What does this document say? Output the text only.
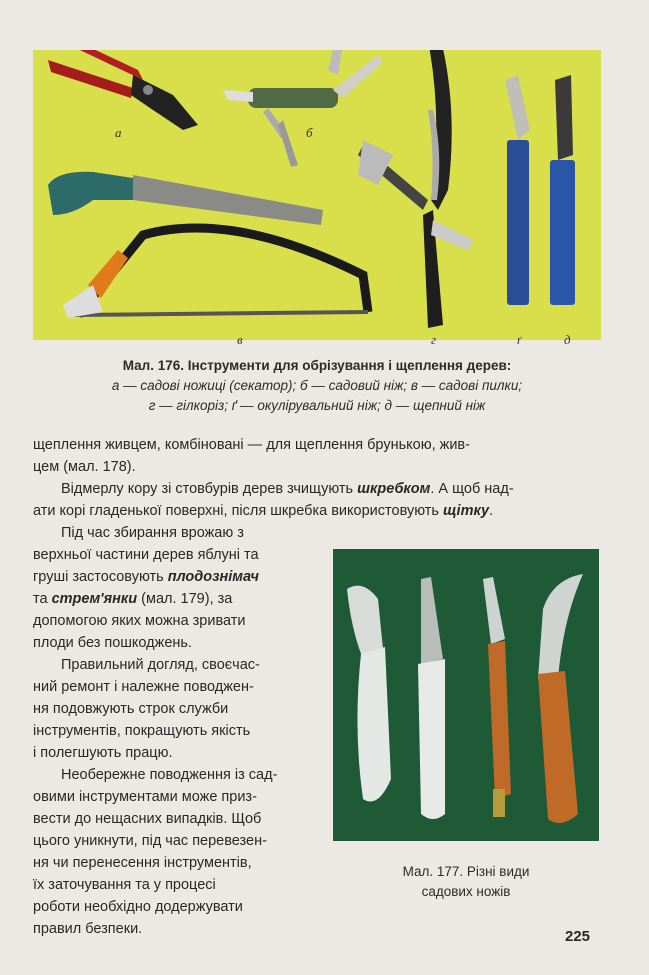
а	б
в	г	ґ	д
Мал. 176. Інструменти для обрізування і щеплення дерев:
а — садові ножиці (секатор); б — садовий ніж; в — садові пилки;
г — гілкоріз; ґ — окулірувальний ніж; д — щепний ніж
щеплення живцем, комбіновані — для щеплення брунькою, жив-
цем (мал. 178).
Відмерлу кору зі стовбурів дерев зчищують шкребком. А щоб над-
ати корі гладенької поверхні, після шкребка використовують щітку.
Під час збирання врожаю з
верхньої частини дерев яблуні та
груші застосовують плодознімач
та стрем'янки (мал. 179), за
допомогою яких можна зривати
плоди без пошкоджень.
Правильний догляд, своєчас-
ний ремонт і належне поводжен-
ня подовжують строк служби
інструментів, покращують якість
і полегшують працю.
Необережне поводження із сад-
овими інструментами може приз-
вести до нещасних випадків. Щоб
цього уникнути, під час перевезен-
ня чи перенесення інструментів,
їх заточування та у процесі
роботи необхідно додержувати
правил безпеки.
Мал. 177. Різні види
садових ножів
225
